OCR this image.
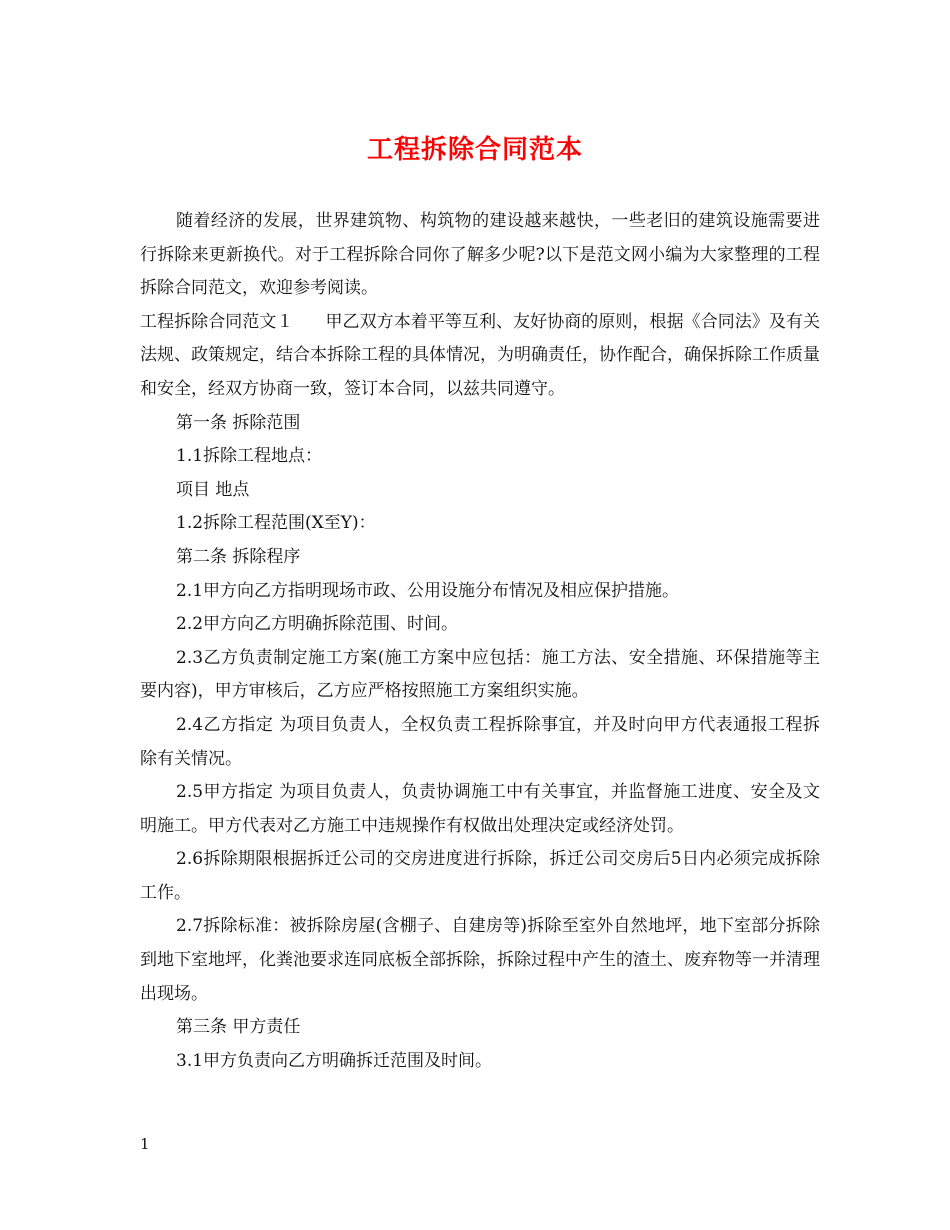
工程拆除合同范本

随着经济的发展，世界建筑物、构筑物的建设越来越快，一些老旧的建筑设施需要进行拆除来更新换代。对于工程拆除合同你了解多少呢?以下是范文网小编为大家整理的工程拆除合同范文，欢迎参考阅读。

工程拆除合同范文１ 甲乙双方本着平等互利、友好协商的原则，根据《合同法》及有关法规、政策规定，结合本拆除工程的具体情况，为明确责任，协作配合，确保拆除工作质量和安全，经双方协商一致，签订本合同，以兹共同遵守。

第一条 拆除范围

1.1拆除工程地点：

项目 地点

1.2拆除工程范围(X至Y)：

第二条 拆除程序

2.1甲方向乙方指明现场市政、公用设施分布情况及相应保护措施。

2.2甲方向乙方明确拆除范围、时间。

2.3乙方负责制定施工方案(施工方案中应包括：施工方法、安全措施、环保措施等主要内容)，甲方审核后，乙方应严格按照施工方案组织实施。

2.4乙方指定 为项目负责人，全权负责工程拆除事宜，并及时向甲方代表通报工程拆除有关情况。

2.5甲方指定 为项目负责人，负责协调施工中有关事宜，并监督施工进度、安全及文明施工。甲方代表对乙方施工中违规操作有权做出处理决定或经济处罚。

2.6拆除期限根据拆迁公司的交房进度进行拆除，拆迁公司交房后5日内必须完成拆除工作。

2.7拆除标准：被拆除房屋(含棚子、自建房等)拆除至室外自然地坪，地下室部分拆除到地下室地坪，化粪池要求连同底板全部拆除，拆除过程中产生的渣土、废弃物等一并清理出现场。

第三条 甲方责任

3.1甲方负责向乙方明确拆迁范围及时间。

1
